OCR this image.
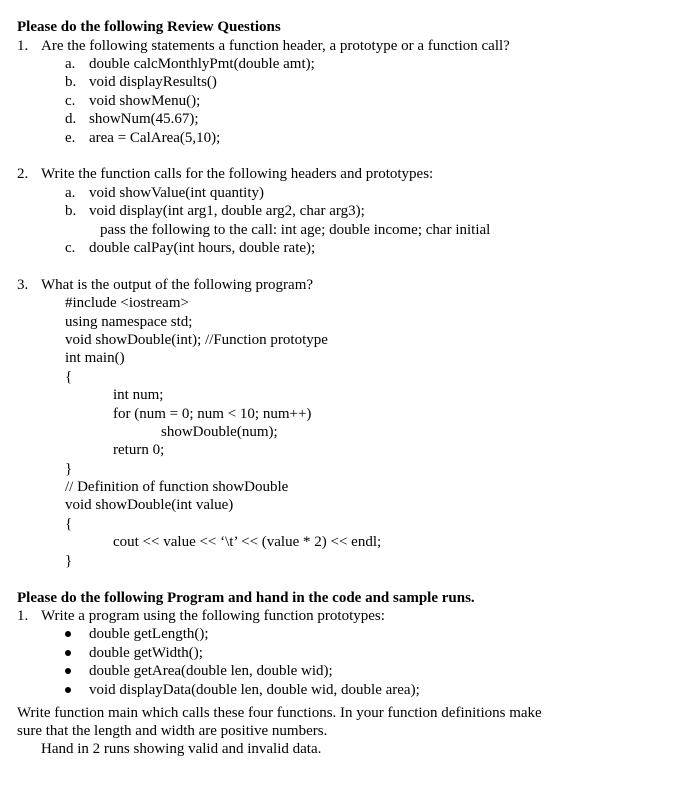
Please do the following Review Questions
1. Are the following statements a function header, a prototype or a function call?
a. double calcMonthlyPmt(double amt);
b. void displayResults()
c. void showMenu();
d. showNum(45.67);
e. area = CalArea(5,10);
2. Write the function calls for the following headers and prototypes:
a. void showValue(int quantity)
b. void display(int arg1, double arg2, char arg3);
pass the following to the call: int age; double income; char initial
c. double calPay(int hours, double rate);
3. What is the output of the following program?
#include <iostream>
using namespace std;
void showDouble(int); //Function prototype
int main()
{
int num;
for (num = 0; num < 10; num++)
showDouble(num);
return 0;
}
// Definition of function showDouble
void showDouble(int value)
{
cout << value << ‘\t’ << (value * 2) << endl;
}
Please do the following Program and hand in the code and sample runs.
1. Write a program using the following function prototypes:
double getLength();
double getWidth();
double getArea(double len, double wid);
void displayData(double len, double wid, double area);
Write function main which calls these four functions. In your function definitions make
sure that the length and width are positive numbers.
Hand in 2 runs showing valid and invalid data.
